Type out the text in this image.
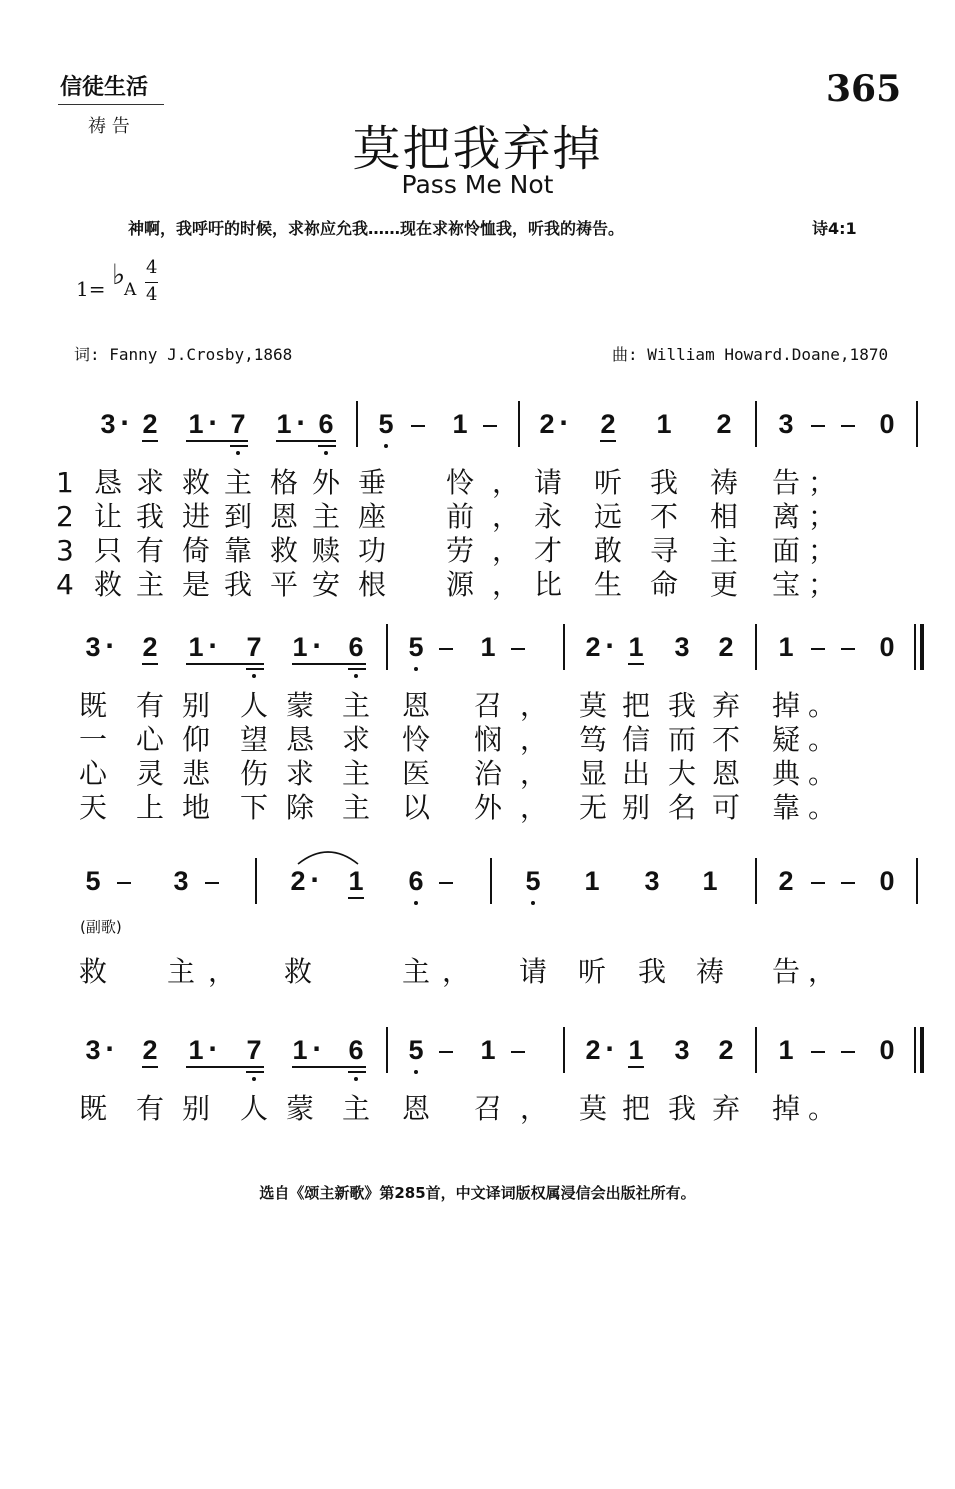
信徒生活
祷 告
365
莫把我弃掉
Pass Me Not
神啊，我呼吁的时候，求祢应允我……现在求祢怜恤我，听我的祷告。	诗4:1
1= ♭
A
4
4
词: Fanny J.Crosby,1868	曲: William Howard.Doane,1870
3 · 2 1 · 7 1 · 6 5 1	2 · 2 1 2 3	0
3 · 2 1 · 7 1 · 6 5 1	2 · 1 3 2 1	0
5	3	2 · 1 6	5 1 3 1 2	0
3 · 2 1 · 7 1 · 6 5 1	2 · 1 3 2 1	0
1 恳 求 救 主 格 外 垂 怜 ， 请 听 我 祷 告 ；
2 让 我 进 到 恩 主 座 前 ， 永 远 不 相 离 ；
3 只 有 倚 靠 救 赎 功 劳 ， 才 敢 寻 主 面 ；
4 救 主 是 我 平 安 根 源 ， 比 生 命 更 宝 ；
既 有 别 人 蒙 主 恩 召 ， 莫 把 我 弃 掉 。
一 心 仰 望 恳 求 怜 悯 ， 笃 信 而 不 疑 。
心 灵 悲 伤 求 主 医 治 ， 显 出 大 恩 典 。
天 上 地 下 除 主 以 外 ， 无 别 名 可 靠 。
救 主 ， 救	主 ， 请 听 我 祷 告 ，
既 有 别 人 蒙 主 恩 召 ， 莫 把 我 弃 掉 。
(副歌)
选自《颂主新歌》第285首，中文译词版权属浸信会出版社所有。
